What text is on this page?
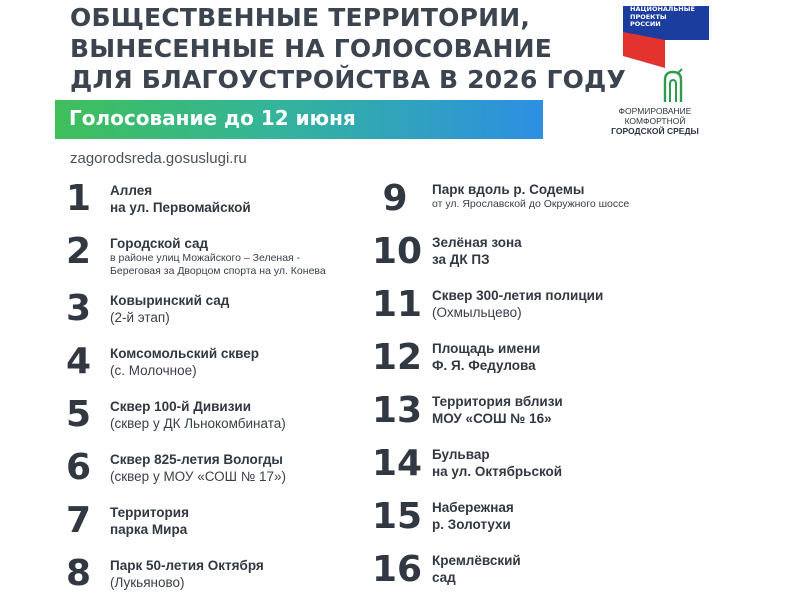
ОБЩЕСТВЕННЫЕ ТЕРРИТОРИИ,
ВЫНЕСЕННЫЕ НА ГОЛОСОВАНИЕ
ДЛЯ БЛАГОУСТРОЙСТВА В 2026 ГОДУ
НАЦИОНАЛЬНЫЕ
ПРОЕКТЫ
РОССИИ
ФОРМИРОВАНИЕ
КОМФОРТНОЙ
ГОРОДСКОЙ СРЕДЫ
Голосование до 12 июня
zagorodsreda.gosuslugi.ru
1 Аллея
на ул. Первомайской
2 Городской сад
в районе улиц Можайского – Зеленая -
Береговая за Дворцом спорта на ул. Конева
3 Ковыринский сад
(2-й этап)
4 Комсомольский сквер
(с. Молочное)
5 Сквер 100-й Дивизии
(сквер у ДК Льнокомбината)
6 Сквер 825-летия Вологды
(сквер у МОУ «СОШ № 17»)
7 Территория
парка Мира
8 Парк 50-летия Октября
(Лукьяново)
9	Парк вдоль р. Содемы
от ул. Ярославской до Окружного шоссе
10 Зелёная зона
за ДК ПЗ
11 Сквер 300-летия полиции
(Охмыльцево)
12 Площадь имени
Ф. Я. Федулова
13 Территория вблизи
МОУ «СОШ № 16»
14 Бульвар
на ул. Октябрьской
15 Набережная
р. Золотухи
16 Кремлёвский
сад
